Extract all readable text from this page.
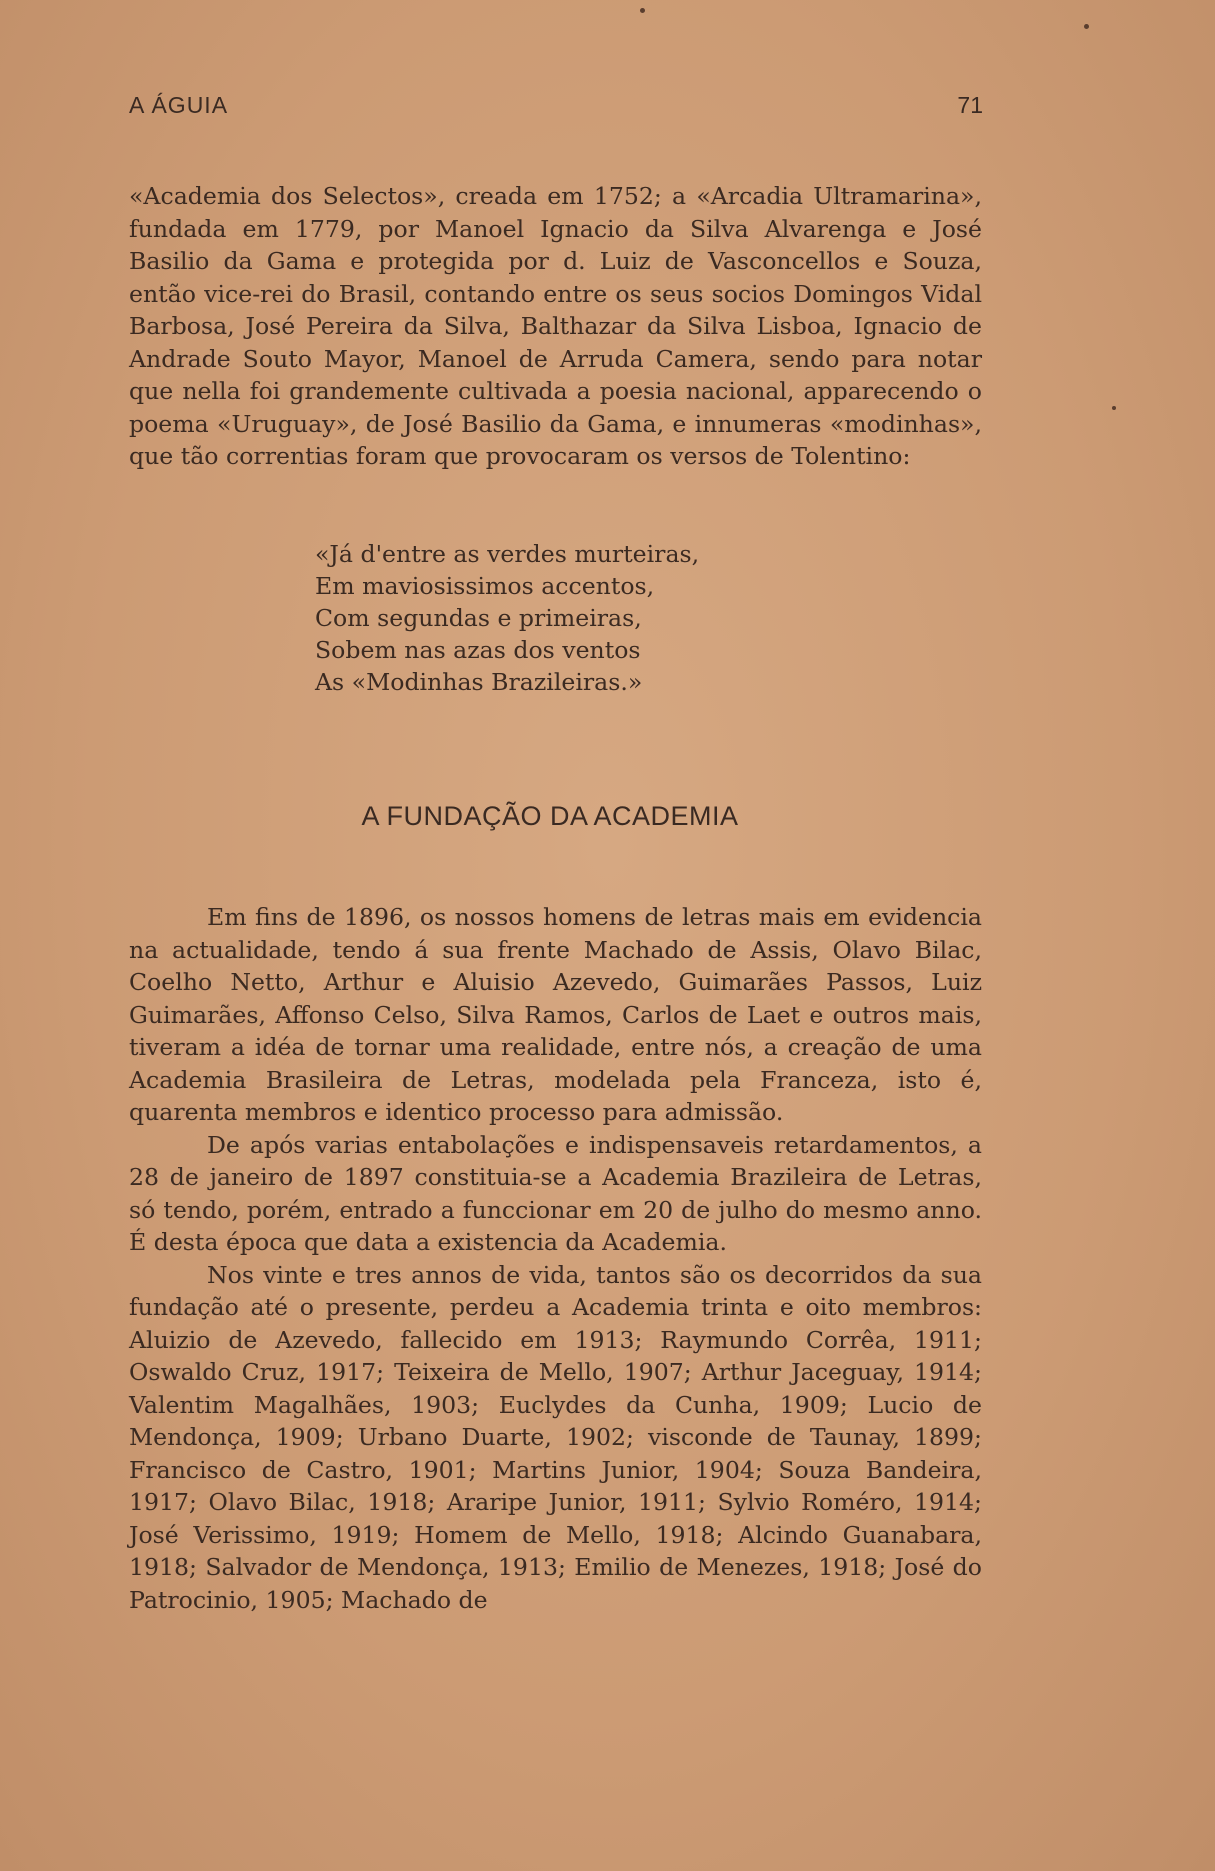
A ÁGUIA	71

«Academia dos Selectos», creada em 1752; a «Arcadia Ultramarina», fundada em 1779, por Manoel Ignacio da Silva Alvarenga e José Basilio da Gama e protegida por d. Luiz de Vasconcellos e Souza, então vice-rei do Brasil, contando entre os seus socios Domingos Vidal Barbosa, José Pereira da Silva, Balthazar da Silva Lisboa, Ignacio de Andrade Souto Mayor, Manoel de Arruda Camera, sendo para notar que nella foi grandemente cultivada a poesia nacional, apparecendo o poema «Uruguay», de José Basilio da Gama, e innumeras «modinhas», que tão correntias foram que provocaram os versos de Tolentino:

«Já d'entre as verdes murteiras,
Em maviosissimos accentos,
Com segundas e primeiras,
Sobem nas azas dos ventos
As «Modinhas Brazileiras.»
A FUNDAÇÃO DA ACADEMIA

Em fins de 1896, os nossos homens de letras mais em evidencia na actualidade, tendo á sua frente Machado de Assis, Olavo Bilac, Coelho Netto, Arthur e Aluisio Azevedo, Guimarães Passos, Luiz Guimarães, Affonso Celso, Silva Ramos, Carlos de Laet e outros mais, tiveram a idéa de tornar uma realidade, entre nós, a creação de uma Academia Brasileira de Letras, modelada pela Franceza, isto é, quarenta membros e identico processo para admissão.

De após varias entabolações e indispensaveis retardamentos, a 28 de janeiro de 1897 constituia-se a Academia Brazileira de Letras, só tendo, porém, entrado a funccionar em 20 de julho do mesmo anno. É desta época que data a existencia da Academia.

Nos vinte e tres annos de vida, tantos são os decorridos da sua fundação até o presente, perdeu a Academia trinta e oito membros: Aluizio de Azevedo, fallecido em 1913; Raymundo Corrêa, 1911; Oswaldo Cruz, 1917; Teixeira de Mello, 1907; Arthur Jaceguay, 1914; Valentim Magalhães, 1903; Euclydes da Cunha, 1909; Lucio de Mendonça, 1909; Urbano Duarte, 1902; visconde de Taunay, 1899; Francisco de Castro, 1901; Martins Junior, 1904; Souza Bandeira, 1917; Olavo Bilac, 1918; Araripe Junior, 1911; Sylvio Roméro, 1914; José Verissimo, 1919; Homem de Mello, 1918; Alcindo Guanabara, 1918; Salvador de Mendonça, 1913; Emilio de Menezes, 1918; José do Patrocinio, 1905; Machado de
